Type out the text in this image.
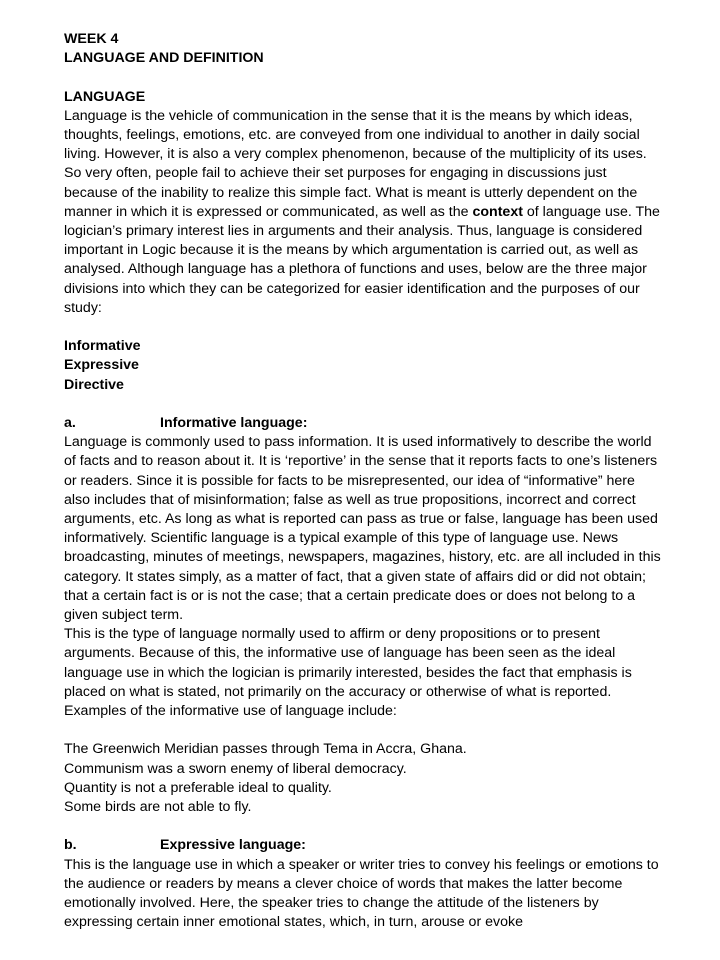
WEEK 4
LANGUAGE AND DEFINITION
LANGUAGE

Language is the vehicle of communication in the sense that it is the means by which ideas, thoughts, feelings, emotions, etc. are conveyed from one individual to another in daily social living. However, it is also a very complex phenomenon, because of the multiplicity of its uses. So very often, people fail to achieve their set purposes for engaging in discussions just because of the inability to realize this simple fact. What is meant is utterly dependent on the manner in which it is expressed or communicated, as well as the context of language use. The logician’s primary interest lies in arguments and their analysis. Thus, language is considered important in Logic because it is the means by which argumentation is carried out, as well as analysed. Although language has a plethora of functions and uses, below are the three major divisions into which they can be categorized for easier identification and the purposes of our study:

Informative
Expressive
Directive
a.	Informative language:

Language is commonly used to pass information. It is used informatively to describe the world of facts and to reason about it. It is ‘reportive’ in the sense that it reports facts to one’s listeners or readers. Since it is possible for facts to be misrepresented, our idea of “informative” here also includes that of misinformation; false as well as true propositions, incorrect and correct arguments, etc. As long as what is reported can pass as true or false, language has been used informatively. Scientific language is a typical example of this type of language use. News broadcasting, minutes of meetings, newspapers, magazines, history, etc. are all included in this category. It states simply, as a matter of fact, that a given state of affairs did or did not obtain; that a certain fact is or is not the case; that a certain predicate does or does not belong to a given subject term.

This is the type of language normally used to affirm or deny propositions or to present arguments. Because of this, the informative use of language has been seen as the ideal language use in which the logician is primarily interested, besides the fact that emphasis is placed on what is stated, not primarily on the accuracy or otherwise of what is reported. Examples of the informative use of language include:

The Greenwich Meridian passes through Tema in Accra, Ghana.
Communism was a sworn enemy of liberal democracy.
Quantity is not a preferable ideal to quality.
Some birds are not able to fly.
b.	Expressive language:

This is the language use in which a speaker or writer tries to convey his feelings or emotions to the audience or readers by means a clever choice of words that makes the latter become emotionally involved. Here, the speaker tries to change the attitude of the listeners by expressing certain inner emotional states, which, in turn, arouse or evoke
